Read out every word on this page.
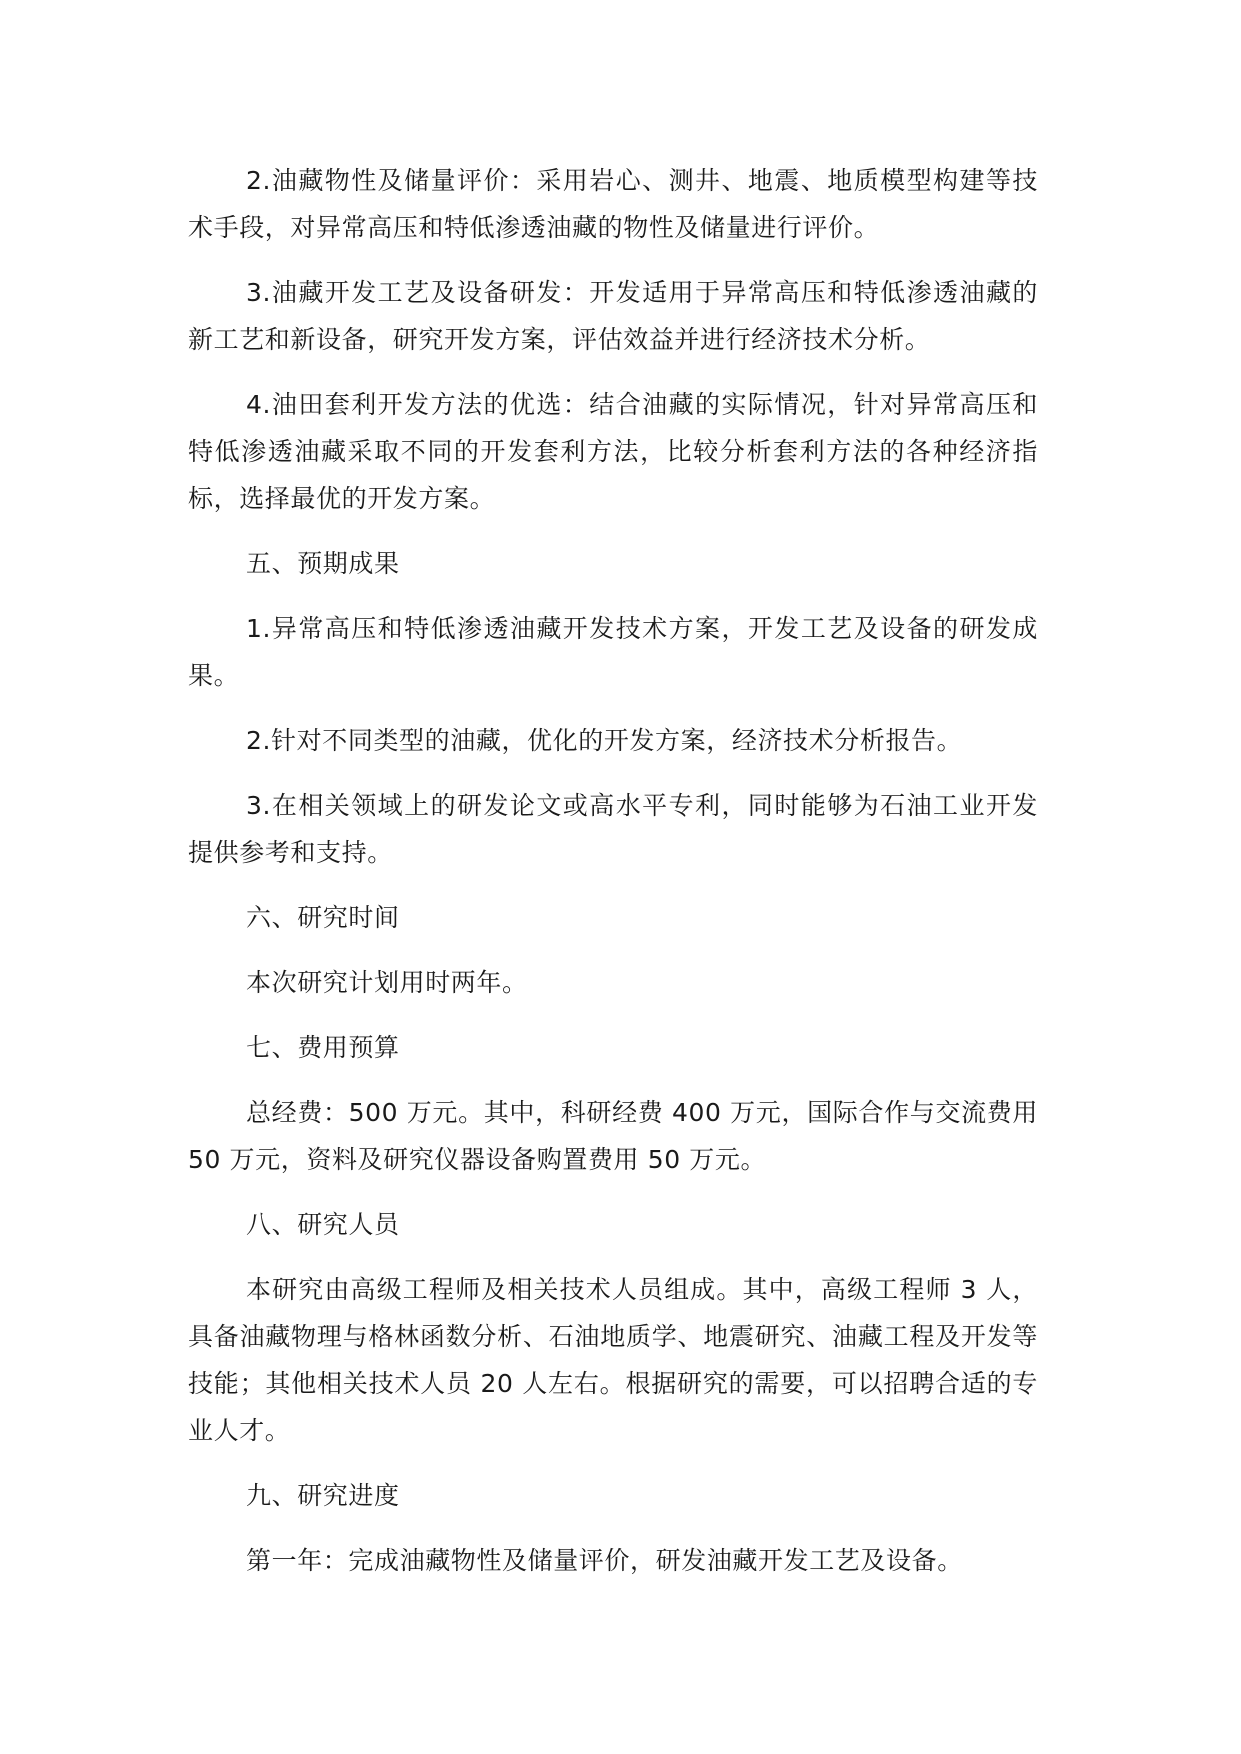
2.油藏物性及储量评价：采用岩心、测井、地震、地质模型构建等技术手段，对异常高压和特低渗透油藏的物性及储量进行评价。

3.油藏开发工艺及设备研发：开发适用于异常高压和特低渗透油藏的新工艺和新设备，研究开发方案，评估效益并进行经济技术分析。

4.油田套利开发方法的优选：结合油藏的实际情况，针对异常高压和特低渗透油藏采取不同的开发套利方法，比较分析套利方法的各种经济指标，选择最优的开发方案。

五、预期成果

1.异常高压和特低渗透油藏开发技术方案，开发工艺及设备的研发成果。

2.针对不同类型的油藏，优化的开发方案，经济技术分析报告。

3.在相关领域上的研发论文或高水平专利，同时能够为石油工业开发提供参考和支持。

六、研究时间

本次研究计划用时两年。

七、费用预算

总经费：500 万元。其中，科研经费 400 万元，国际合作与交流费用 50 万元，资料及研究仪器设备购置费用 50 万元。

八、研究人员

本研究由高级工程师及相关技术人员组成。其中，高级工程师 3 人，具备油藏物理与格林函数分析、石油地质学、地震研究、油藏工程及开发等技能；其他相关技术人员 20 人左右。根据研究的需要，可以招聘合适的专业人才。

九、研究进度

第一年：完成油藏物性及储量评价，研发油藏开发工艺及设备。
